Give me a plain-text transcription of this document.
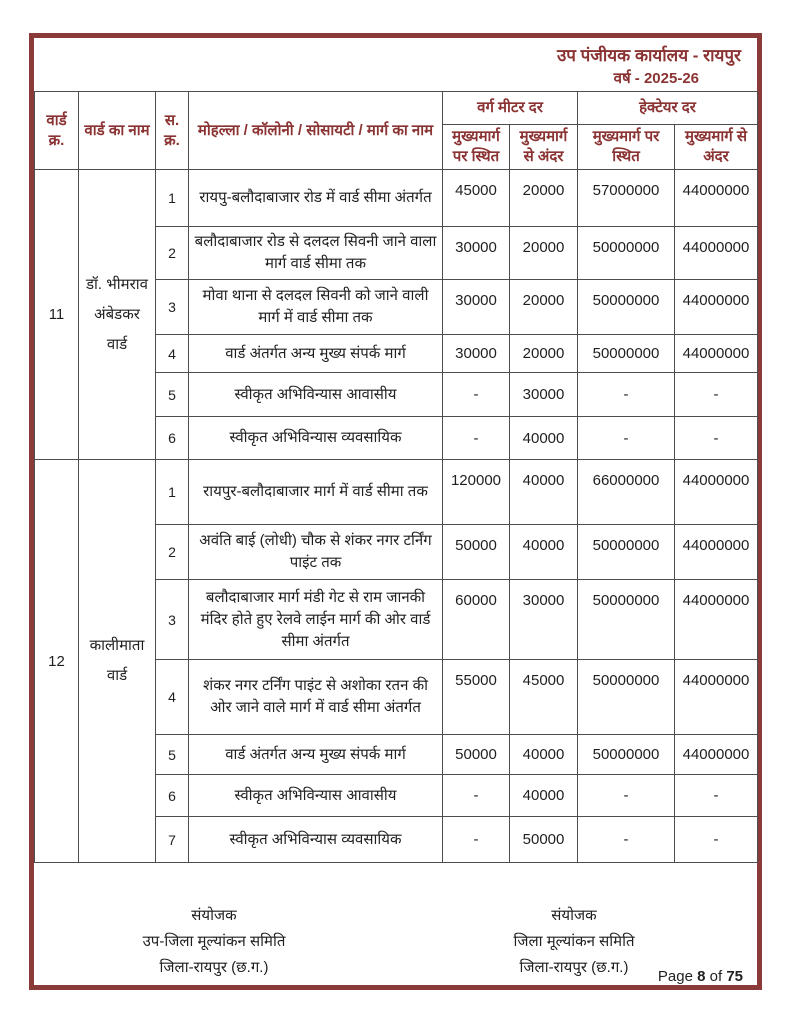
उप पंजीयक कार्यालय - रायपुर
वर्ष - 2025-26
वार्ड क्र.	वार्ड का नाम	स. क्र.	मोहल्ला / कॉलोनी / सोसायटी / मार्ग का नाम	वर्ग मीटर दर		हेक्टेयर दर	
				मुख्यमार्ग पर स्थित	मुख्यमार्ग से अंदर	मुख्यमार्ग पर स्थित	मुख्यमार्ग से अंदर
11	डॉ. भीमराव अंबेडकर वार्ड	1	रायपु-बलौदाबाजार रोड में वार्ड सीमा अंतर्गत	45000	20000	57000000	44000000
		2	बलौदाबाजार रोड से दलदल सिवनी जाने वाला मार्ग वार्ड सीमा तक	30000	20000	50000000	44000000
		3	मोवा थाना से दलदल सिवनी को जाने वाली मार्ग में वार्ड सीमा तक	30000	20000	50000000	44000000
		4	वार्ड अंतर्गत अन्य मुख्य संपर्क मार्ग	30000	20000	50000000	44000000
		5	स्वीकृत अभिविन्यास आवासीय	-	30000	-	-
		6	स्वीकृत अभिविन्यास व्यवसायिक	-	40000	-	-
12	कालीमाता वार्ड	1	रायपुर-बलौदाबाजार मार्ग में वार्ड सीमा तक	120000	40000	66000000	44000000
		2	अवंति बाई (लोधी) चौक से शंकर नगर टर्निंग पाइंट तक	50000	40000	50000000	44000000
		3	बलौदाबाजार मार्ग मंडी गेट से राम जानकी मंदिर होते हुए रेलवे लाईन मार्ग की ओर वार्ड सीमा अंतर्गत	60000	30000	50000000	44000000
		4	शंकर नगर टर्निंग पाइंट से अशोका रतन की ओर जाने वाले मार्ग में वार्ड सीमा अंतर्गत	55000	45000	50000000	44000000
		5	वार्ड अंतर्गत अन्य मुख्य संपर्क मार्ग	50000	40000	50000000	44000000
		6	स्वीकृत अभिविन्यास आवासीय	-	40000	-	-
		7	स्वीकृत अभिविन्यास व्यवसायिक	-	50000	-	-
संयोजक
उप-जिला मूल्यांकन समिति
जिला-रायपुर (छ.ग.)
संयोजक
जिला मूल्यांकन समिति
जिला-रायपुर (छ.ग.)
Page 8 of 75
